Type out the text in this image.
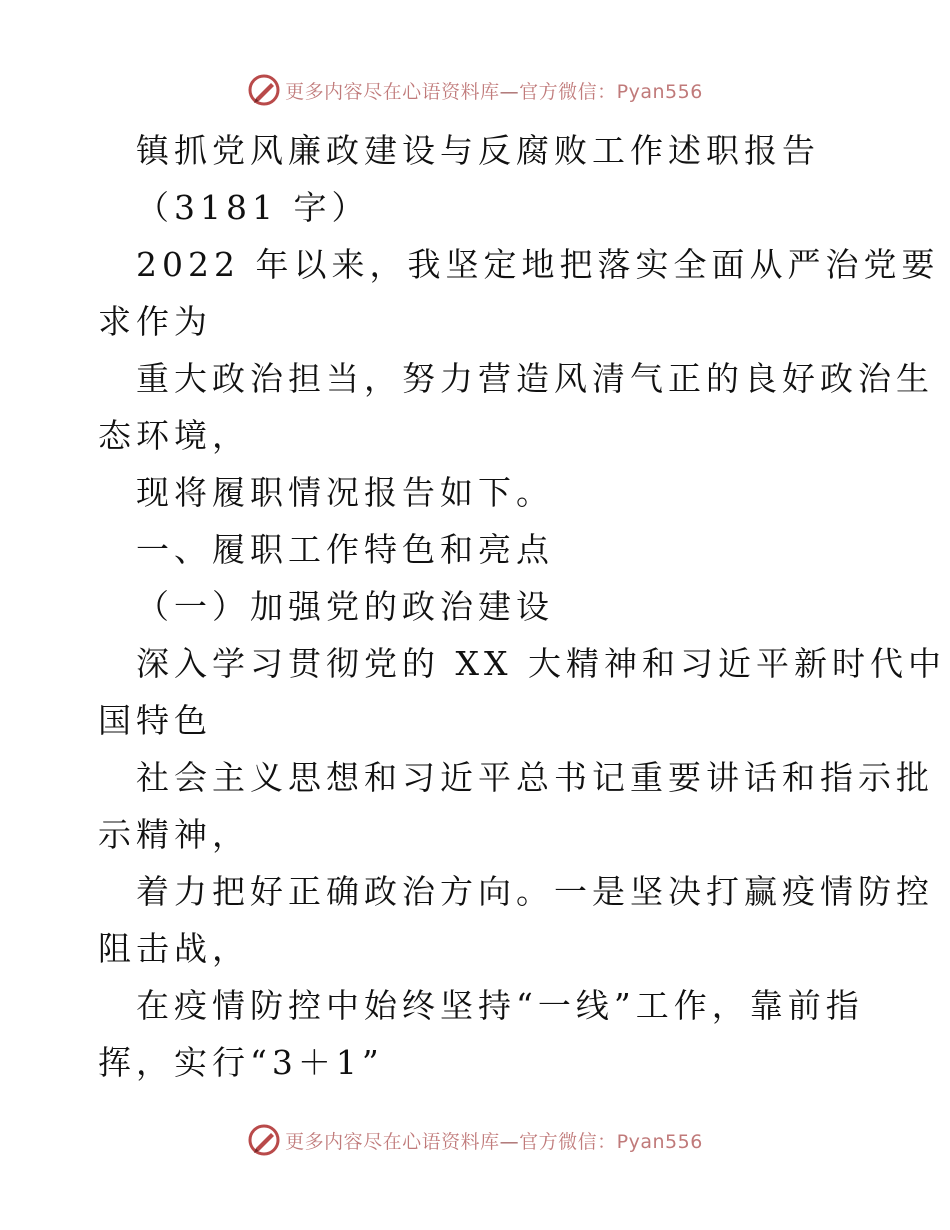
更多内容尽在心语资料库—官方微信：Pyan556

镇抓党风廉政建设与反腐败工作述职报告

（3181 字）

2022 年以来，我坚定地把落实全面从严治党要

求作为

重大政治担当，努力营造风清气正的良好政治生

态环境，

现将履职情况报告如下。

一、履职工作特色和亮点

（一）加强党的政治建设

深入学习贯彻党的 XX 大精神和习近平新时代中

国特色

社会主义思想和习近平总书记重要讲话和指示批

示精神，

着力把好正确政治方向。一是坚决打赢疫情防控

阻击战，

在疫情防控中始终坚持“一线”工作，靠前指

挥，实行“3＋1”

更多内容尽在心语资料库—官方微信：Pyan556
